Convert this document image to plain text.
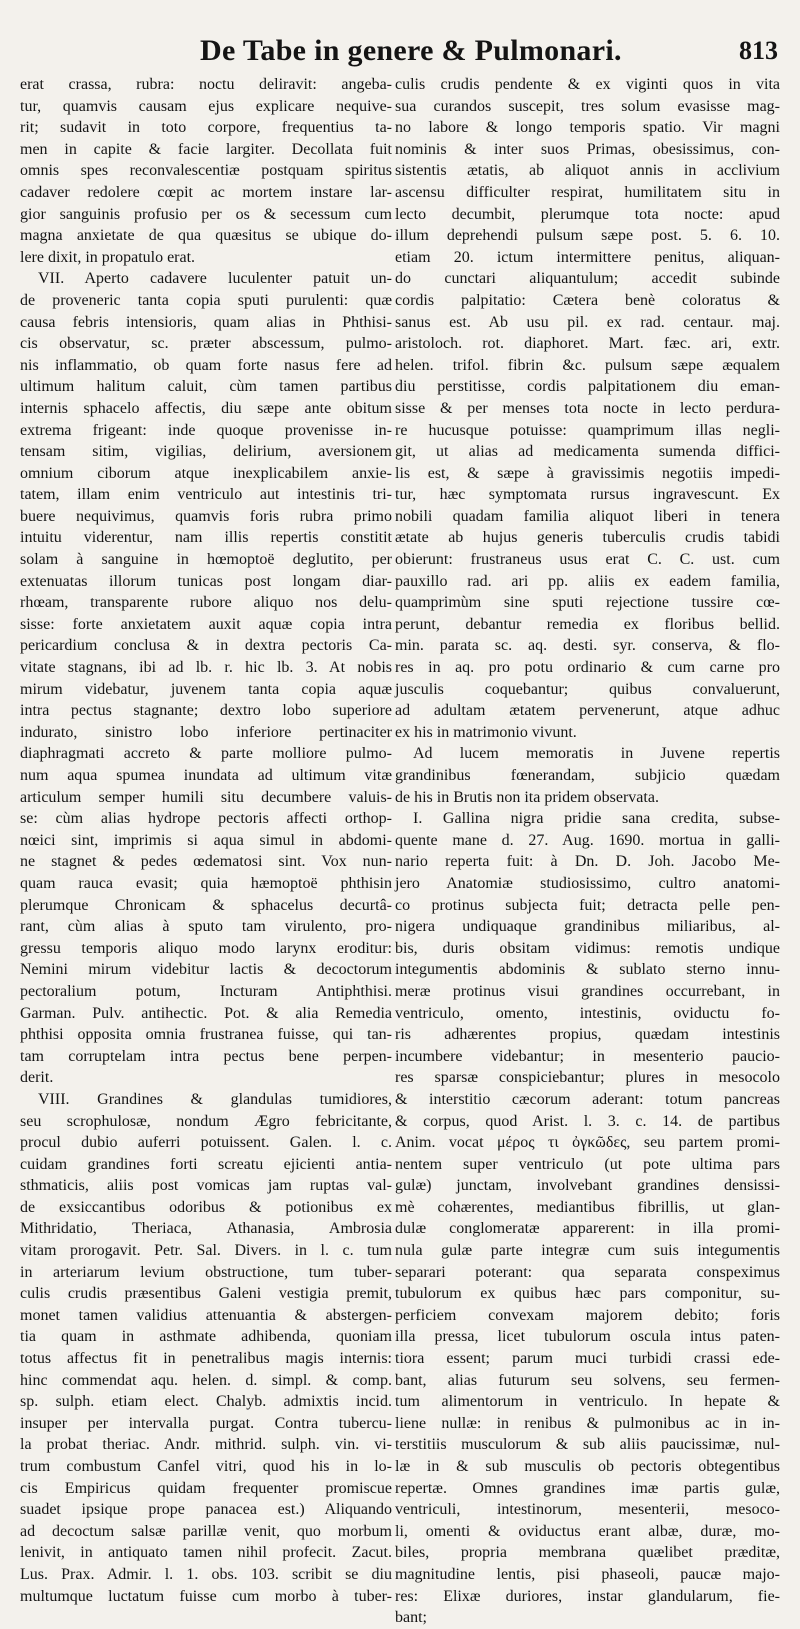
De Tabe in genere & Pulmonari.	813
erat crassa, rubra: noctu deliravit: angeba-
tur, quamvis causam ejus explicare nequive-
rit; sudavit in toto corpore, frequentius ta-
men in capite & facie largiter. Decollata fuit
omnis spes reconvalescentiæ postquam spiritus
cadaver redolere cœpit ac mortem instare lar-
gior sanguinis profusio per os & secessum cum
magna anxietate de qua quæsitus se ubique do-
lere dixit, in propatulo erat.
VII. Aperto cadavere luculenter patuit un-
de proveneric tanta copia sputi purulenti: quæ
causa febris intensioris, quam alias in Phthisi-
cis observatur, sc. præter abscessum, pulmo-
nis inflammatio, ob quam forte nasus fere ad
ultimum halitum caluit, cùm tamen partibus
internis sphacelo affectis, diu sæpe ante obitum
extrema frigeant: inde quoque provenisse in-
tensam sitim, vigilias, delirium, aversionem
omnium ciborum atque inexplicabilem anxie-
tatem, illam enim ventriculo aut intestinis tri-
buere nequivimus, quamvis foris rubra primo
intuitu viderentur, nam illis repertis constitit
solam à sanguine in hœmoptoë deglutito, per
extenuatas illorum tunicas post longam diar-
rhœam, transparente rubore aliquo nos delu-
sisse: forte anxietatem auxit aquæ copia intra
pericardium conclusa & in dextra pectoris Ca-
vitate stagnans, ibi ad lb. r. hic lb. 3. At nobis
mirum videbatur, juvenem tanta copia aquæ
intra pectus stagnante; dextro lobo superiore
indurato, sinistro lobo inferiore pertinaciter
diaphragmati accreto & parte molliore pulmo-
num aqua spumea inundata ad ultimum vitæ
articulum semper humili situ decumbere valuis-
se: cùm alias hydrope pectoris affecti orthop-
nœici sint, imprimis si aqua simul in abdomi-
ne stagnet & pedes œdematosi sint. Vox nun-
quam rauca evasit; quia hæmoptoë phthisin
plerumque Chronicam & sphacelus decurtâ-
rant, cùm alias à sputo tam virulento, pro-
gressu temporis aliquo modo larynx eroditur:
Nemini mirum videbitur lactis & decoctorum
pectoralium potum, Incturam Antiphthisi.
Garman. Pulv. antihectic. Pot. & alia Remedia
phthisi opposita omnia frustranea fuisse, qui tan-
tam corruptelam intra pectus bene perpen-
derit.
VIII. Grandines & glandulas tumidiores,
seu scrophulosæ, nondum Ægro febricitante,
procul dubio auferri potuissent. Galen. l. c.
cuidam grandines forti screatu ejicienti antia-
sthmaticis, aliis post vomicas jam ruptas val-
de exsiccantibus odoribus & potionibus ex
Mithridatio, Theriaca, Athanasia, Ambrosia
vitam prorogavit. Petr. Sal. Divers. in l. c. tum
in arteriarum levium obstructione, tum tuber-
culis crudis præsentibus Galeni vestigia premit,
monet tamen validius attenuantia & abstergen-
tia quam in asthmate adhibenda, quoniam
totus affectus fit in penetralibus magis internis:
hinc commendat aqu. helen. d. simpl. & comp.
sp. sulph. etiam elect. Chalyb. admixtis incid.
insuper per intervalla purgat. Contra tubercu-
la probat theriac. Andr. mithrid. sulph. vin. vi-
trum combustum Canfel vitri, quod his in lo-
cis Empiricus quidam frequenter promiscue
suadet ipsique prope panacea est.) Aliquando
ad decoctum salsæ parillæ venit, quo morbum
lenivit, in antiquato tamen nihil profecit. Zacut.
Lus. Prax. Admir. l. 1. obs. 103. scribit se diu
multumque luctatum fuisse cum morbo à tuber-
culis crudis pendente & ex viginti quos in vita
sua curandos suscepit, tres solum evasisse mag-
no labore & longo temporis spatio. Vir magni
nominis & inter suos Primas, obesissimus, con-
sistentis ætatis, ab aliquot annis in acclivium
ascensu difficulter respirat, humilitatem situ in
lecto decumbit, plerumque tota nocte: apud
illum deprehendi pulsum sæpe post. 5. 6. 10.
etiam 20. ictum intermittere penitus, aliquan-
do cunctari aliquantulum; accedit subinde
cordis palpitatio: Cætera benè coloratus &
sanus est. Ab usu pil. ex rad. centaur. maj.
aristoloch. rot. diaphoret. Mart. fæc. ari, extr.
helen. trifol. fibrin &c. pulsum sæpe æqualem
diu perstitisse, cordis palpitationem diu eman-
sisse & per menses tota nocte in lecto perdura-
re hucusque potuisse: quamprimum illas negli-
git, ut alias ad medicamenta sumenda diffici-
lis est, & sæpe à gravissimis negotiis impedi-
tur, hæc symptomata rursus ingravescunt. Ex
nobili quadam familia aliquot liberi in tenera
ætate ab hujus generis tuberculis crudis tabidi
obierunt: frustraneus usus erat C. C. ust. cum
pauxillo rad. ari pp. aliis ex eadem familia,
quamprimùm sine sputi rejectione tussire cœ-
perunt, debantur remedia ex floribus bellid.
min. parata sc. aq. desti. syr. conserva, & flo-
res in aq. pro potu ordinario & cum carne pro
jusculis coquebantur; quibus convaluerunt,
ad adultam ætatem pervenerunt, atque adhuc
ex his in matrimonio vivunt.
Ad lucem memoratis in Juvene repertis
grandinibus fœnerandam, subjicio quædam
de his in Brutis non ita pridem observata.
I. Gallina nigra pridie sana credita, subse-
quente mane d. 27. Aug. 1690. mortua in galli-
nario reperta fuit: à Dn. D. Joh. Jacobo Me-
jero Anatomiæ studiosissimo, cultro anatomi-
co protinus subjecta fuit; detracta pelle pen-
nigera undiquaque grandinibus miliaribus, al-
bis, duris obsitam vidimus: remotis undique
integumentis abdominis & sublato sterno innu-
meræ protinus visui grandines occurrebant, in
ventriculo, omento, intestinis, oviductu fo-
ris adhærentes propius, quædam intestinis
incumbere videbantur; in mesenterio paucio-
res sparsæ conspiciebantur; plures in mesocolo
& interstitio cæcorum aderant: totum pancreas
& corpus, quod Arist. l. 3. c. 14. de partibus
Anim. vocat μέρος τι ὀγκῶδες, seu partem promi-
nentem super ventriculo (ut pote ultima pars
gulæ) junctam, involvebant grandines densissi-
mè cohærentes, mediantibus fibrillis, ut glan-
dulæ conglomeratæ apparerent: in illa promi-
nula gulæ parte integræ cum suis integumentis
separari poterant: qua separata conspeximus
tubulorum ex quibus hæc pars componitur, su-
perficiem convexam majorem debito; foris
illa pressa, licet tubulorum oscula intus paten-
tiora essent; parum muci turbidi crassi ede-
bant, alias futurum seu solvens, seu fermen-
tum alimentorum in ventriculo. In hepate &
liene nullæ: in renibus & pulmonibus ac in in-
terstitiis musculorum & sub aliis paucissimæ, nul-
læ in & sub musculis ob pectoris obtegentibus
repertæ. Omnes grandines imæ partis gulæ,
ventriculi, intestinorum, mesenterii, mesoco-
li, omenti & oviductus erant albæ, duræ, mo-
biles, propria membrana quælibet præditæ,
magnitudine lentis, pisi phaseoli, paucæ majo-
res: Elixæ duriores, instar glandularum, fie-
bant;
